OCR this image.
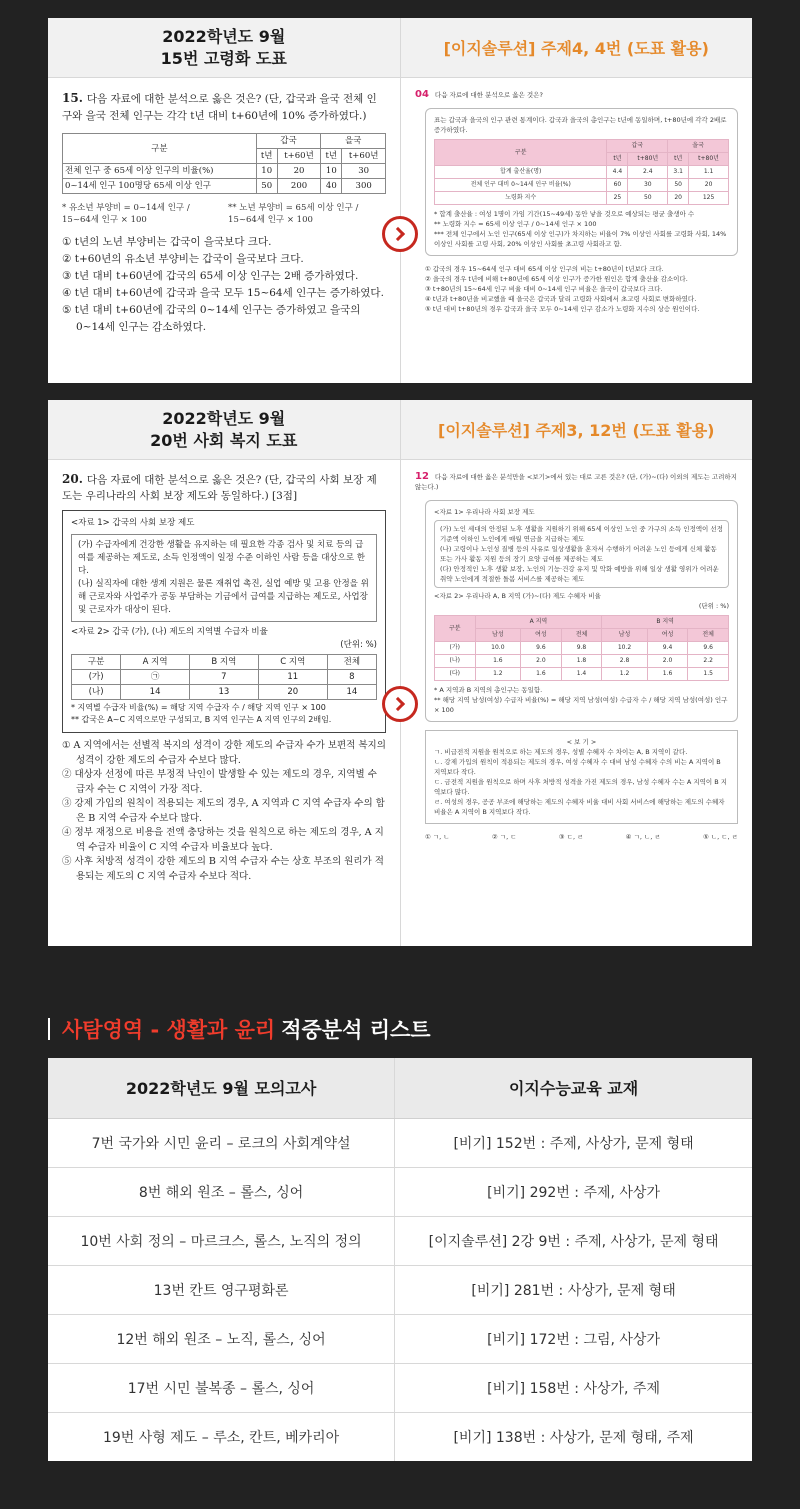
2022학년도 9월
15번 고령화 도표	[이지솔루션] 주제4, 4번 (도표 활용)
15. 다음 자료에 대한 분석으로 옳은 것은? (단, 갑국과 을국 전체 인구와 을국 전체 인구는 각각 t년 대비 t+60년에 10% 증가하였다.)
구분	갑국		을국	
	t년	t+60년	t년	t+60년
전체 인구 중 65세 이상 인구의 비율(%)	10	20	10	30
0~14세 인구 100명당 65세 이상 인구	50	200	40	300
* 유소년 부양비 = 0~14세 인구 / 15~64세 인구 × 100
** 노년 부양비 = 65세 이상 인구 / 15~64세 인구 × 100
① t년의 노년 부양비는 갑국이 을국보다 크다.
② t+60년의 유소년 부양비는 갑국이 을국보다 크다.
③ t년 대비 t+60년에 갑국의 65세 이상 인구는 2배 증가하였다.
④ t년 대비 t+60년에 갑국과 을국 모두 15~64세 인구는 증가하였다.
⑤ t년 대비 t+60년에 갑국의 0~14세 인구는 증가하였고 을국의 0~14세 인구는 감소하였다.
04 다음 자료에 대한 분석으로 옳은 것은?
표는 갑국과 을국의 인구 관련 통계이다. 갑국과 을국의 총인구는 t년에 동일하며, t+80년에 각각 2배로 증가하였다.
구분	갑국		을국	
	t년	t+80년	t년	t+80년
합계 출산율(명)	4.4	2.4	3.1	1.1
전체 인구 대비 0~14세 인구 비율(%)	60	30	50	20
노령화 지수	25	50	20	125
* 합계 출산율 : 여성 1명이 가임 기간(15~49세) 동안 낳을 것으로 예상되는 평균 출생아 수
** 노령화 지수 = 65세 이상 인구 / 0~14세 인구 × 100
*** 전체 인구에서 노인 인구(65세 이상 인구)가 차지하는 비율이 7% 이상인 사회를 고령화 사회, 14% 이상인 사회를 고령 사회, 20% 이상인 사회를 초고령 사회라고 함.
① 갑국의 경우 15~64세 인구 대비 65세 이상 인구의 비는 t+80년이 t년보다 크다.
② 을국의 경우 t년에 비해 t+80년에 65세 이상 인구가 증가한 원인은 합계 출산율 감소이다.
③ t+80년의 15~64세 인구 비율 대비 0~14세 인구 비율은 을국이 갑국보다 크다.
④ t년과 t+80년을 비교했을 때 을국은 갑국과 달리 고령화 사회에서 초고령 사회로 변화하였다.
⑤ t년 대비 t+80년의 경우 갑국과 을국 모두 0~14세 인구 감소가 노령화 지수의 상승 원인이다.
2022학년도 9월
20번 사회 복지 도표	[이지솔루션] 주제3, 12번 (도표 활용)
20. 다음 자료에 대한 분석으로 옳은 것은? (단, 갑국의 사회 보장 제도는 우리나라의 사회 보장 제도와 동일하다.) [3점]
<자료 1> 갑국의 사회 보장 제도
(가) 수급자에게 건강한 생활을 유지하는 데 필요한 각종 검사 및 치료 등의 급여를 제공하는 제도로, 소득 인정액이 일정 수준 이하인 사람 등을 대상으로 한다.
(나) 실직자에 대한 생계 지원은 물론 재취업 촉진, 실업 예방 및 고용 안정을 위해 근로자와 사업주가 공동 부담하는 기금에서 급여를 지급하는 제도로, 사업장 및 근로자가 대상이 된다.
<자료 2> 갑국 (가), (나) 제도의 지역별 수급자 비율
(단위: %)
구분	A 지역	B 지역	C 지역	전체
(가)	㉠	7	11	8
(나)	14	13	20	14
* 지역별 수급자 비율(%) = 해당 지역 수급자 수 / 해당 지역 인구 × 100
** 갑국은 A~C 지역으로만 구성되고, B 지역 인구는 A 지역 인구의 2배임.
① A 지역에서는 선별적 복지의 성격이 강한 제도의 수급자 수가 보편적 복지의 성격이 강한 제도의 수급자 수보다 많다.
② 대상자 선정에 따른 부정적 낙인이 발생할 수 있는 제도의 경우, 지역별 수급자 수는 C 지역이 가장 적다.
③ 강제 가입의 원칙이 적용되는 제도의 경우, A 지역과 C 지역 수급자 수의 합은 B 지역 수급자 수보다 많다.
④ 정부 재정으로 비용을 전액 충당하는 것을 원칙으로 하는 제도의 경우, A 지역 수급자 비율이 C 지역 수급자 비율보다 높다.
⑤ 사후 처방적 성격이 강한 제도의 B 지역 수급자 수는 상호 부조의 원리가 적용되는 제도의 C 지역 수급자 수보다 적다.
12 다음 자료에 대한 옳은 분석만을 <보기>에서 있는 대로 고른 것은? (단, (가)~(다) 이외의 제도는 고려하지 않는다.)
<자료 1> 우리나라 사회 보장 제도
(가) 노인 세대의 안정된 노후 생활을 지원하기 위해 65세 이상인 노인 중 가구의 소득 인정액이 선정 기준액 이하인 노인에게 매월 연금을 지급하는 제도
(나) 고령이나 노인성 질병 등의 사유로 일상생활을 혼자서 수행하기 어려운 노인 등에게 신체 활동 또는 가사 활동 지원 등의 장기 요양 급여를 제공하는 제도
(다) 안정적인 노후 생활 보장, 노인의 기능·건강 유지 및 악화 예방을 위해 일상 생활 영위가 어려운 취약 노인에게 적절한 돌봄 서비스를 제공하는 제도
<자료 2> 우리나라 A, B 지역 (가)~(다) 제도 수혜자 비율
(단위 : %)
구분	A 지역			B 지역		
	남성	여성	전체	남성	여성	전체
(가)	10.0	9.6	9.8	10.2	9.4	9.6
(나)	1.6	2.0	1.8	2.8	2.0	2.2
(다)	1.2	1.6	1.4	1.2	1.6	1.5
* A 지역과 B 지역의 총인구는 동일함.
** 해당 지역 남성(여성) 수급자 비율(%) = 해당 지역 남성(여성) 수급자 수 / 해당 지역 남성(여성) 인구 × 100
< 보 기 >
ㄱ. 비급전적 지원을 원칙으로 하는 제도의 경우, 성별 수혜자 수 차이는 A, B 지역이 같다.
ㄴ. 강제 가입의 원칙이 적용되는 제도의 경우, 여성 수혜자 수 대비 남성 수혜자 수의 비는 A 지역이 B 지역보다 작다.
ㄷ. 금전적 지원을 원칙으로 하며 사후 처방적 성격을 가진 제도의 경우, 남성 수혜자 수는 A 지역이 B 지역보다 많다.
ㄹ. 여성의 경우, 공공 부조에 해당하는 제도의 수혜자 비율 대비 사회 서비스에 해당하는 제도의 수혜자 비율은 A 지역이 B 지역보다 작다.
① ㄱ, ㄴ	② ㄱ, ㄷ	③ ㄷ, ㄹ	④ ㄱ, ㄴ, ㄹ	⑤ ㄴ, ㄷ, ㄹ
사탐영역 - 생활과 윤리 적중분석 리스트
2022학년도 9월 모의고사	이지수능교육 교재
7번 국가와 시민 윤리 – 로크의 사회계약설	[비기] 152번 : 주제, 사상가, 문제 형태
8번 해외 원조 – 롤스, 싱어	[비기] 292번 : 주제, 사상가
10번 사회 정의 – 마르크스, 롤스, 노직의 정의	[이지솔루션] 2강 9번 : 주제, 사상가, 문제 형태
13번 칸트 영구평화론	[비기] 281번 : 사상가, 문제 형태
12번 해외 원조 – 노직, 롤스, 싱어	[비기] 172번 : 그림, 사상가
17번 시민 불복종 – 롤스, 싱어	[비기] 158번 : 사상가, 주제
19번 사형 제도 – 루소, 칸트, 베카리아	[비기] 138번 : 사상가, 문제 형태, 주제
